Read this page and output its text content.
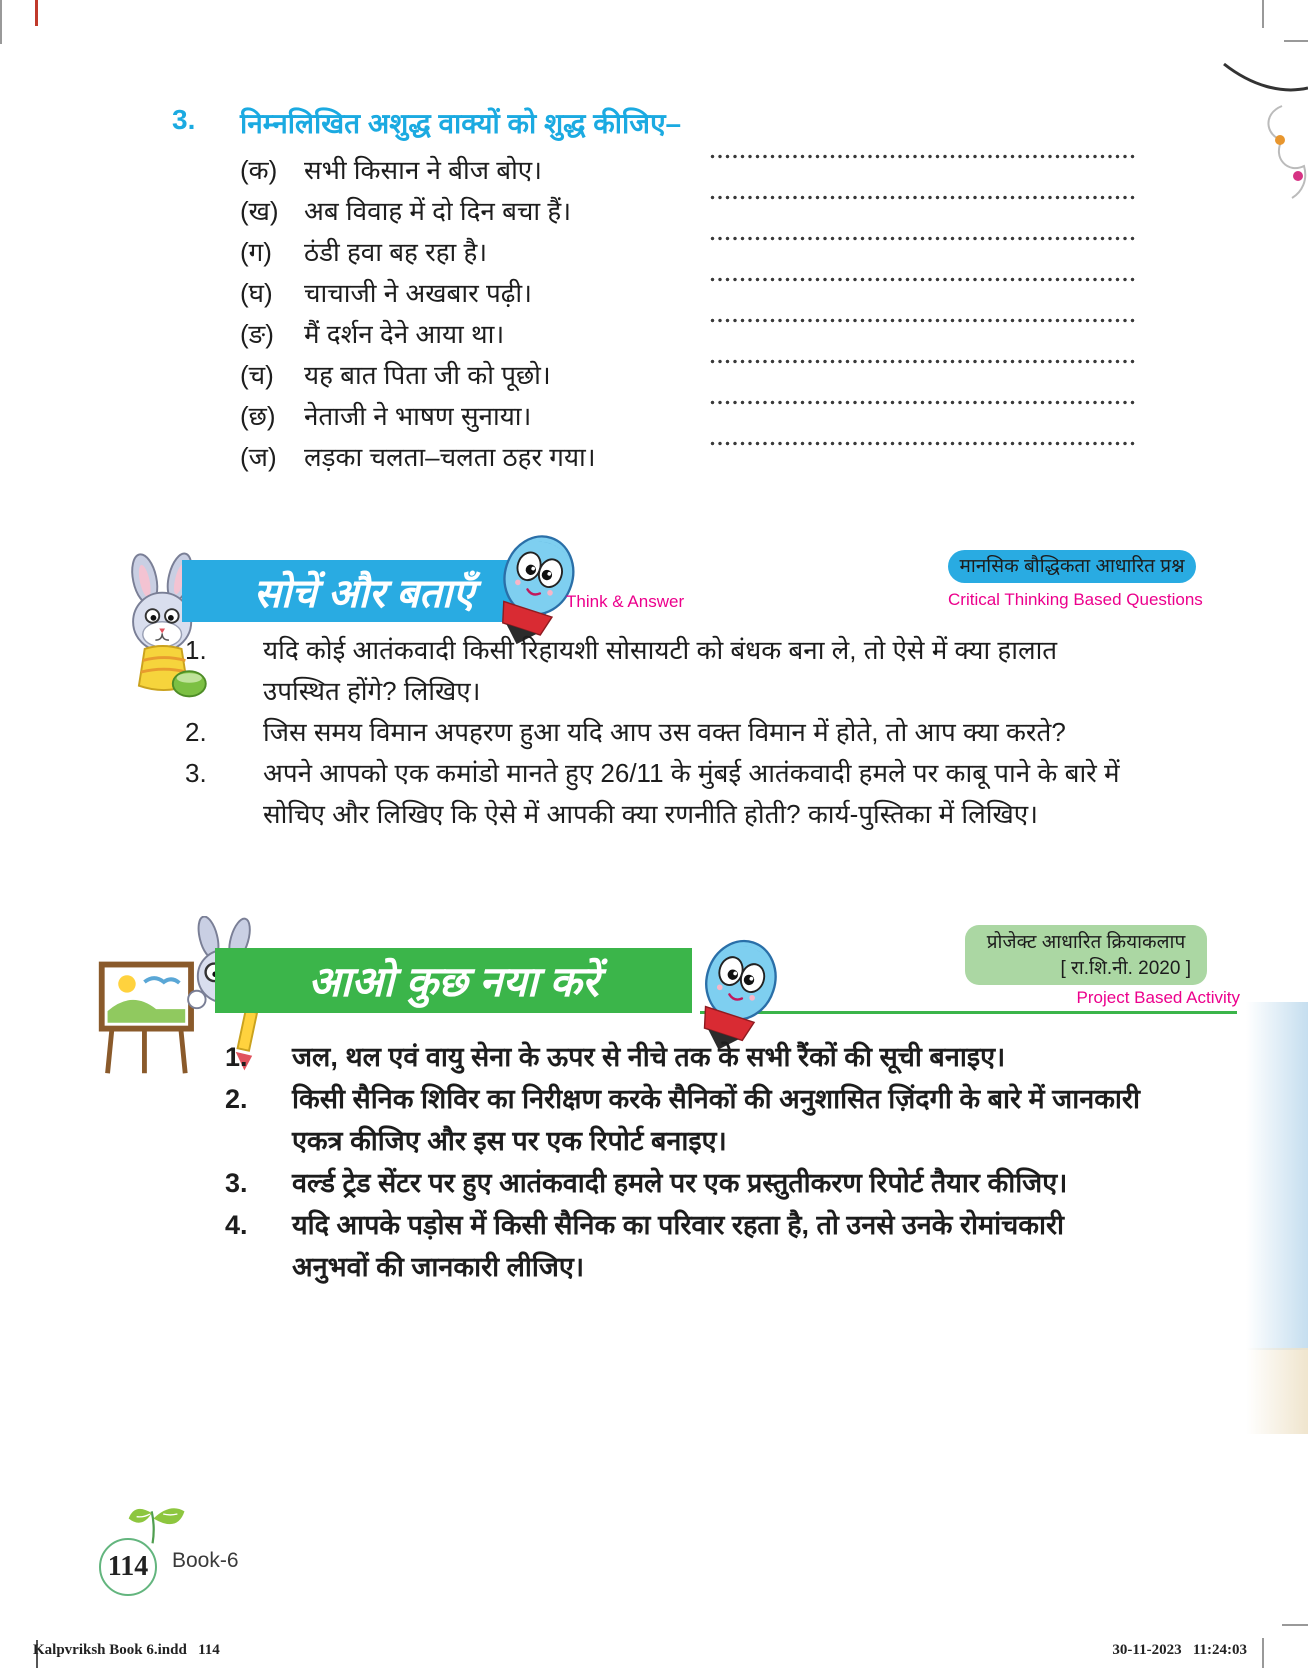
3.	निम्नलिखित अशुद्ध वाक्यों को शुद्ध कीजिए–
(क) सभी किसान ने बीज बोए।
(ख) अब विवाह में दो दिन बचा हैं।
(ग) ठंडी हवा बह रहा है।
(घ) चाचाजी ने अखबार पढ़ी।
(ङ) मैं दर्शन देने आया था।
(च) यह बात पिता जी को पूछो।
(छ) नेताजी ने भाषण सुनाया।
(ज) लड़का चलता–चलता ठहर गया।
सोचें और बताएँ	Think & Answer
मानसिक बौद्धिकता आधारित प्रश्न
Critical Thinking Based Questions
1. यदि कोई आतंकवादी किसी रिहायशी सोसायटी को बंधक बना ले, तो ऐसे में क्या हालात उपस्थित होंगे? लिखिए।
2. जिस समय विमान अपहरण हुआ यदि आप उस वक्त विमान में होते, तो आप क्या करते?
3. अपने आपको एक कमांडो मानते हुए 26/11 के मुंबई आतंकवादी हमले पर काबू पाने के बारे में सोचिए और लिखिए कि ऐसे में आपकी क्या रणनीति होती? कार्य-पुस्तिका में लिखिए।
आओ कुछ नया करें
प्रोजेक्ट आधारित क्रियाकलाप
[ रा.शि.नी. 2020 ]
Project Based Activity
1. जल, थल एवं वायु सेना के ऊपर से नीचे तक के सभी रैंकों की सूची बनाइए।
2. किसी सैनिक शिविर का निरीक्षण करके सैनिकों की अनुशासित ज़िंदगी के बारे में जानकारी एकत्र कीजिए और इस पर एक रिपोर्ट बनाइए।
3. वर्ल्ड ट्रेड सेंटर पर हुए आतंकवादी हमले पर एक प्रस्तुतीकरण रिपोर्ट तैयार कीजिए।
4. यदि आपके पड़ोस में किसी सैनिक का परिवार रहता है, तो उनसे उनके रोमांचकारी अनुभवों की जानकारी लीजिए।
114 Book-6
Kalpvriksh Book 6.indd   114	30-11-2023   11:24:03
